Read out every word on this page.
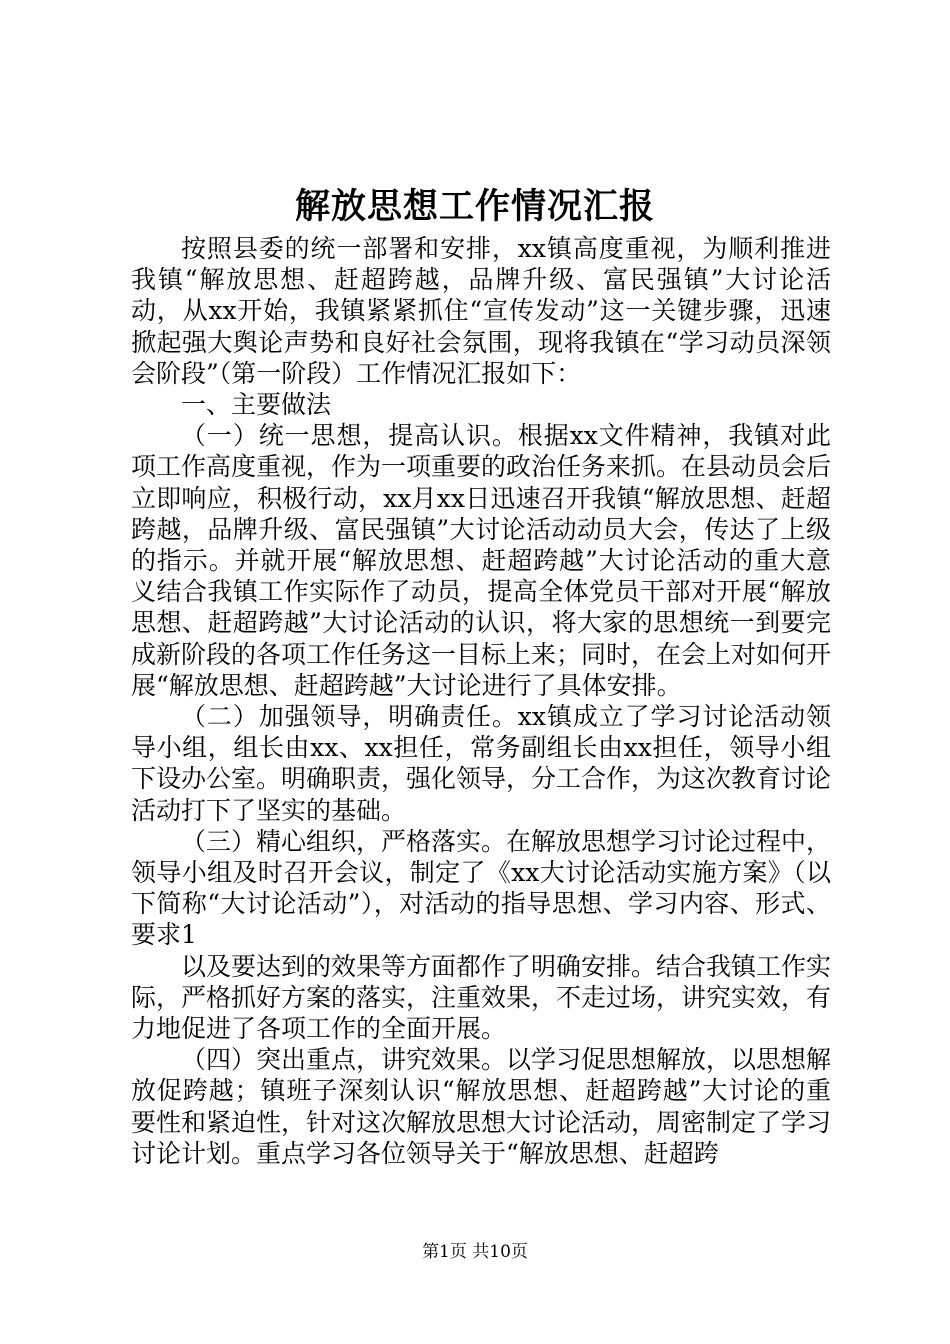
解放思想工作情况汇报

按照县委的统一部署和安排，xx镇高度重视，为顺利推进我镇“解放思想、赶超跨越，品牌升级、富民强镇”大讨论活动，从xx开始，我镇紧紧抓住“宣传发动”这一关键步骤，迅速掀起强大舆论声势和良好社会氛围，现将我镇在“学习动员深领会阶段”（第一阶段）工作情况汇报如下：

一、主要做法

（一）统一思想，提高认识。根据xx文件精神，我镇对此项工作高度重视，作为一项重要的政治任务来抓。在县动员会后立即响应，积极行动，xx月xx日迅速召开我镇“解放思想、赶超跨越，品牌升级、富民强镇”大讨论活动动员大会，传达了上级的指示。并就开展“解放思想、赶超跨越”大讨论活动的重大意义结合我镇工作实际作了动员，提高全体党员干部对开展“解放思想、赶超跨越”大讨论活动的认识，将大家的思想统一到要完成新阶段的各项工作任务这一目标上来；同时，在会上对如何开展“解放思想、赶超跨越”大讨论进行了具体安排。

（二）加强领导，明确责任。xx镇成立了学习讨论活动领导小组，组长由xx、xx担任，常务副组长由xx担任，领导小组下设办公室。明确职责，强化领导，分工合作，为这次教育讨论活动打下了坚实的基础。

（三）精心组织，严格落实。在解放思想学习讨论过程中，领导小组及时召开会议，制定了《xx大讨论活动实施方案》（以下简称“大讨论活动”），对活动的指导思想、学习内容、形式、要求1

以及要达到的效果等方面都作了明确安排。结合我镇工作实际，严格抓好方案的落实，注重效果，不走过场，讲究实效，有力地促进了各项工作的全面开展。

（四）突出重点，讲究效果。以学习促思想解放，以思想解放促跨越；镇班子深刻认识“解放思想、赶超跨越”大讨论的重要性和紧迫性，针对这次解放思想大讨论活动，周密制定了学习讨论计划。重点学习各位领导关于“解放思想、赶超跨

第1页 共10页
